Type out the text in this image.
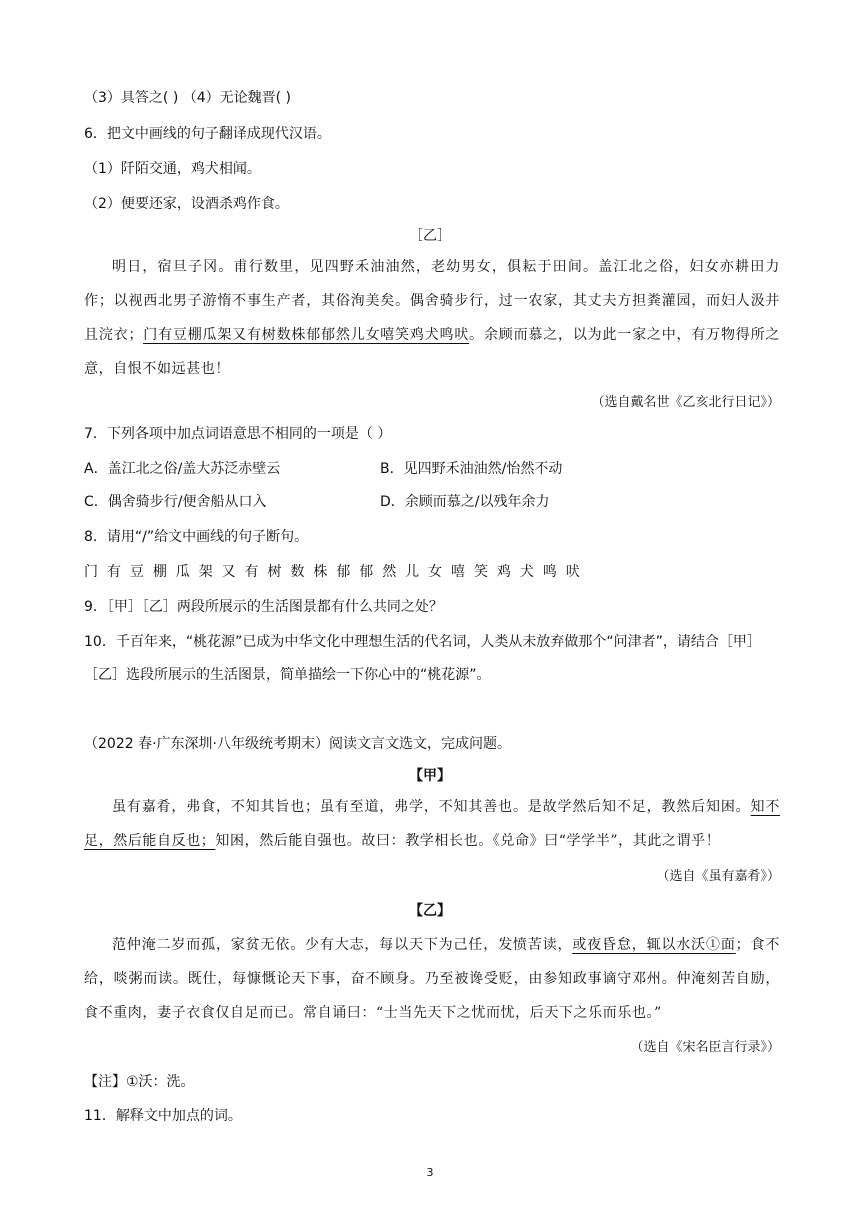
（3）具答之( ) （4）无论魏晋( )
6．把文中画线的句子翻译成现代汉语。
（1）阡陌交通，鸡犬相闻。
（2）便要还家，设酒杀鸡作食。
［乙］

明日，宿旦子冈。甫行数里，见四野禾油油然，老幼男女，俱耘于田间。盖江北之俗，妇女亦耕田力作；以视西北男子游惰不事生产者，其俗洵美矣。偶舍骑步行，过一农家，其丈夫方担粪灌园，而妇人汲井且浣衣；门有豆棚瓜架又有树数株郁郁然儿女嘻笑鸡犬鸣吠。余顾而慕之，以为此一家之中，有万物得所之意，自恨不如远甚也！

（选自戴名世《乙亥北行日记》）
7．下列各项中加点词语意思不相同的一项是（ ）
A．盖江北之俗/盖大苏泛赤壁云	B．见四野禾油油然/怡然不动
C．偶舍骑步行/便舍船从口入	D．余顾而慕之/以残年余力
8．请用“/”给文中画线的句子断句。
门 有 豆 棚 瓜 架 又 有 树 数 株 郁 郁 然 儿 女 嘻 笑 鸡 犬 鸣 吠
9．［甲］［乙］两段所展示的生活图景都有什么共同之处？
10．千百年来，“桃花源”已成为中华文化中理想生活的代名词，人类从未放弃做那个“问津者”，请结合［甲］
［乙］选段所展示的生活图景，简单描绘一下你心中的“桃花源”。
（2022 春·广东深圳·八年级统考期末）阅读文言文选文，完成问题。
【甲】

虽有嘉肴，弗食，不知其旨也；虽有至道，弗学，不知其善也。是故学然后知不足，教然后知困。知不足，然后能自反也；知困，然后能自强也。故曰：教学相长也。《兑命》曰“学学半”，其此之谓乎！

（选自《虽有嘉肴》）
【乙】

范仲淹二岁而孤，家贫无依。少有大志，每以天下为己任，发愤苦读，或夜昏怠，辄以水沃①面；食不给，啖粥而读。既仕，每慷慨论天下事，奋不顾身。乃至被谗受贬，由参知政事谪守邓州。仲淹刻苦自励，食不重肉，妻子衣食仅自足而已。常自诵曰：“士当先天下之忧而忧，后天下之乐而乐也。”

（选自《宋名臣言行录》）
【注】①沃：洗。
11．解释文中加点的词。
3
